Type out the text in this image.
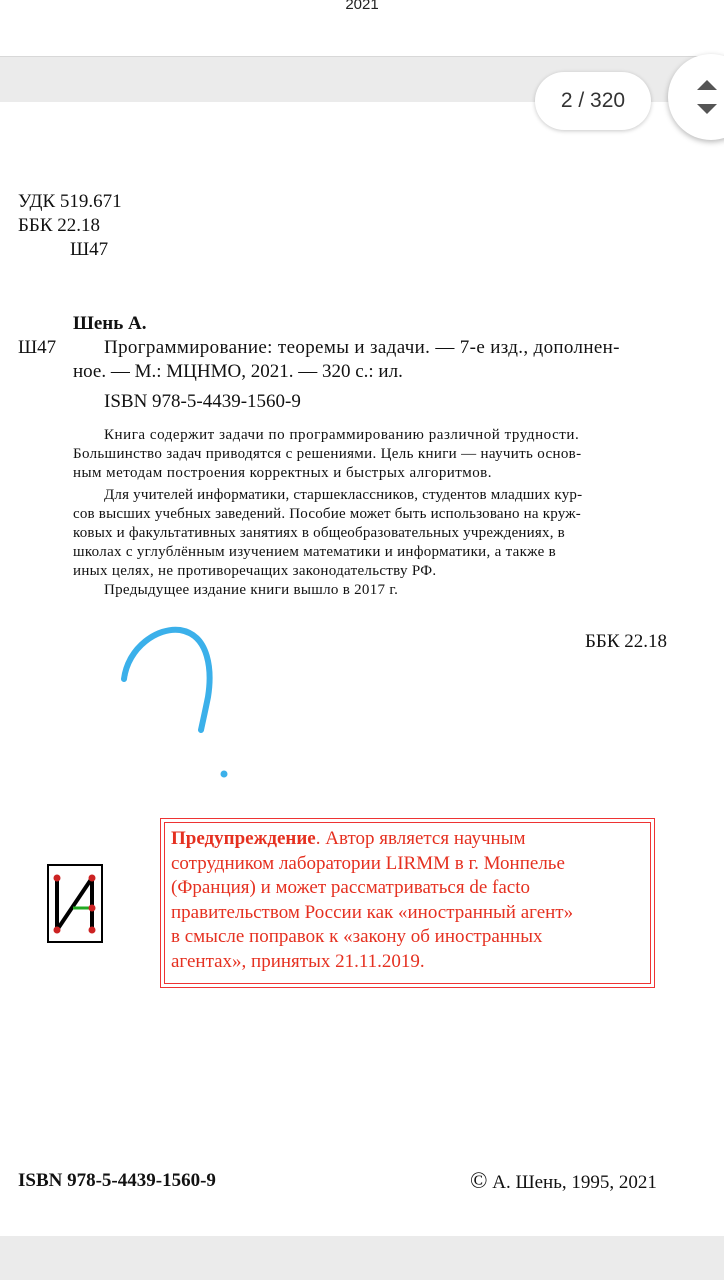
2021
УДК 519.671
ББК 22.18
Ш47
Шень А.
Ш47	Программирование: теоремы и задачи. — 7-е изд., дополнен-
ное. — М.: МЦНМО, 2021. — 320 с.: ил.
ISBN 978-5-4439-1560-9
Книга содержит задачи по программированию различной трудности.
Большинство задач приводятся с решениями. Цель книги — научить основ-
ным методам построения корректных и быстрых алгоритмов.
Для учителей информатики, старшеклассников, студентов младших кур-
сов высших учебных заведений. Пособие может быть использовано на круж-
ковых и факультативных занятиях в общеобразовательных учреждениях, в
школах с углублённым изучением математики и информатики, а также в
иных целях, не противоречащих законодательству РФ.
Предыдущее издание книги вышло в 2017 г.
ББК 22.18
Предупреждение. Автор является научным
сотрудником лаборатории LIRMM в г. Монпелье
(Франция) и может рассматриваться de facto
правительством России как «иностранный агент»
в смысле поправок к «закону об иностранных
агентах», принятых 21.11.2019.
ISBN 978-5-4439-1560-9	© А. Шень, 1995, 2021
2 / 320
